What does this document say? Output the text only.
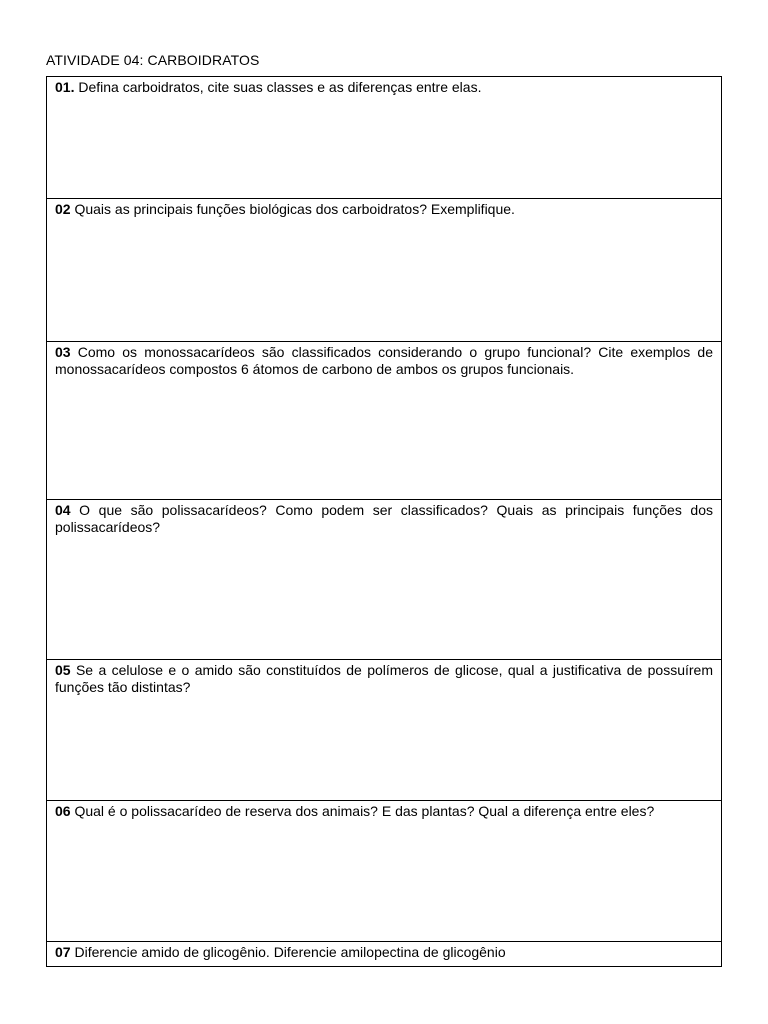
ATIVIDADE 04: CARBOIDRATOS
01. Defina carboidratos, cite suas classes e as diferenças entre elas.
02 Quais as principais funções biológicas dos carboidratos? Exemplifique.
03 Como os monossacarídeos são classificados considerando o grupo funcional? Cite exemplos de monossacarídeos compostos 6 átomos de carbono de ambos os grupos funcionais.
04 O que são polissacarídeos? Como podem ser classificados? Quais as principais funções dos polissacarídeos?
05 Se a celulose e o amido são constituídos de polímeros de glicose, qual a justificativa de possuírem funções tão distintas?
06 Qual é o polissacarídeo de reserva dos animais? E das plantas? Qual a diferença entre eles?
07 Diferencie amido de glicogênio. Diferencie amilopectina de glicogênio
